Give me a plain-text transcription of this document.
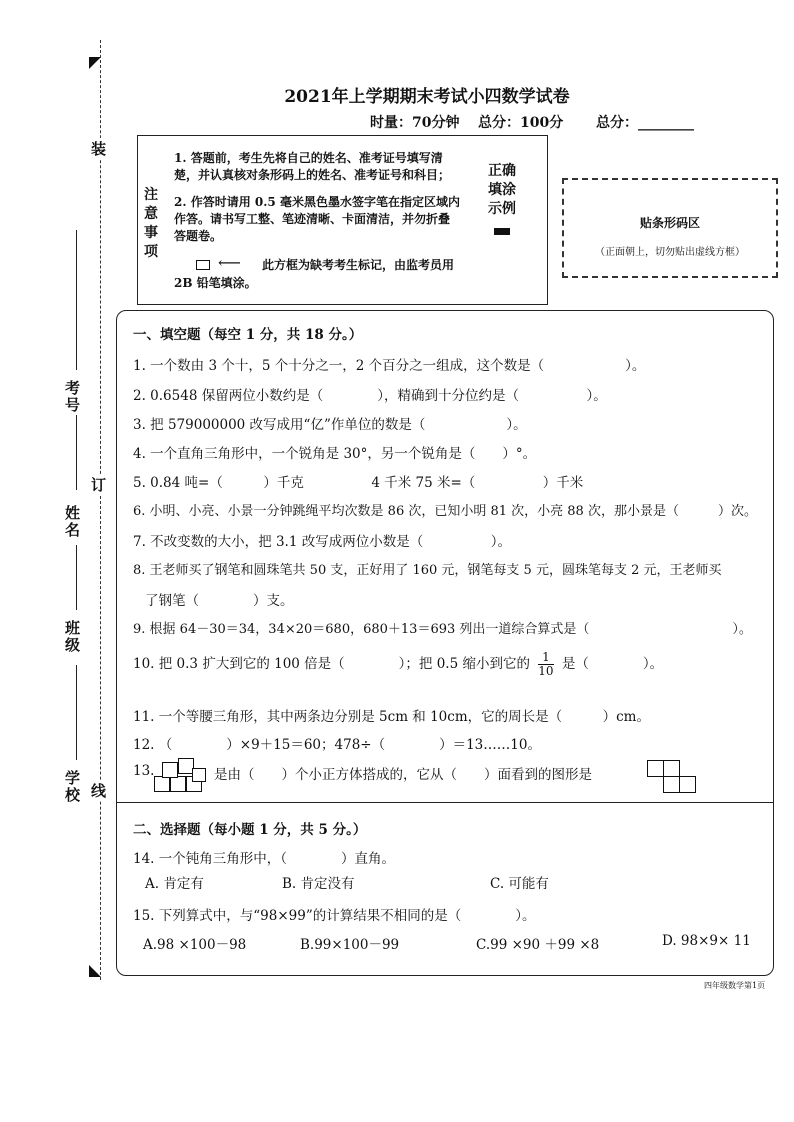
装
订
线
考号
姓名
班级
学校
2021年上学期期末考试小四数学试卷
时量：70分钟 总分：100分 总分：________
注意事项
1. 答题前，考生先将自己的姓名、准考证号填写清
楚，并认真核对条形码上的姓名、准考证号和科目；
2. 作答时请用 0.5 毫米黑色墨水签字笔在指定区域内
作答。请书写工整、笔迹清晰、卡面清洁，并勿折叠
答题卷。
⟵ 此方框为缺考考生标记，由监考员用
2B 铅笔填涂。
正确填涂示例
贴条形码区
（正面朝上，切勿贴出虚线方框）
一、填空题（每空 1 分，共 18 分。）
1. 一个数由 3 个十，5 个十分之一，2 个百分之一组成，这个数是（　　　　　　）。
2. 0.6548 保留两位小数约是（　　　　），精确到十分位约是（　　　　　）。
3. 把 579000000 改写成用“亿”作单位的数是（　　　　　　）。
4. 一个直角三角形中，一个锐角是 30°，另一个锐角是（　　）°。
5. 0.84 吨=（　　　）千克　　　　　4 千米 75 米=（　　　　　）千米
6. 小明、小亮、小景一分钟跳绳平均次数是 86 次，已知小明 81 次，小亮 88 次，那小景是（　　　）次。
7. 不改变数的大小，把 3.1 改写成两位小数是（　　　　　）。
8. 王老师买了钢笔和圆珠笔共 50 支，正好用了 160 元，钢笔每支 5 元，圆珠笔每支 2 元，王老师买
了钢笔（　　　　）支。
9. 根据 64－30＝34，34×20＝680，680＋13＝693 列出一道综合算式是（　　　　　　　　　　　）。
10. 把 0.3 扩大到它的 100 倍是（　　　　）；把 0.5 缩小到它的 $\frac{1}{10}$ 是（　　　　）。
11. 一个等腰三角形，其中两条边分别是 5cm 和 10cm，它的周长是（　　　）cm。
12. （　　　　）×9＋15＝60；478÷（　　　　）＝13……10。
13.	是由（　　）个小正方体搭成的，它从（　　）面看到的图形是
二、选择题（每小题 1 分，共 5 分。）
14. 一个钝角三角形中，（　　　　）直角。
A. 肯定有	B. 肯定没有	C. 可能有
15. 下列算式中，与“98×99”的计算结果不相同的是（　　　　）。
A.98 ×100－98	B.99×100－99	C.99 ×90 ＋99 ×8	D. 98×9× 11
四年级数学第1页
